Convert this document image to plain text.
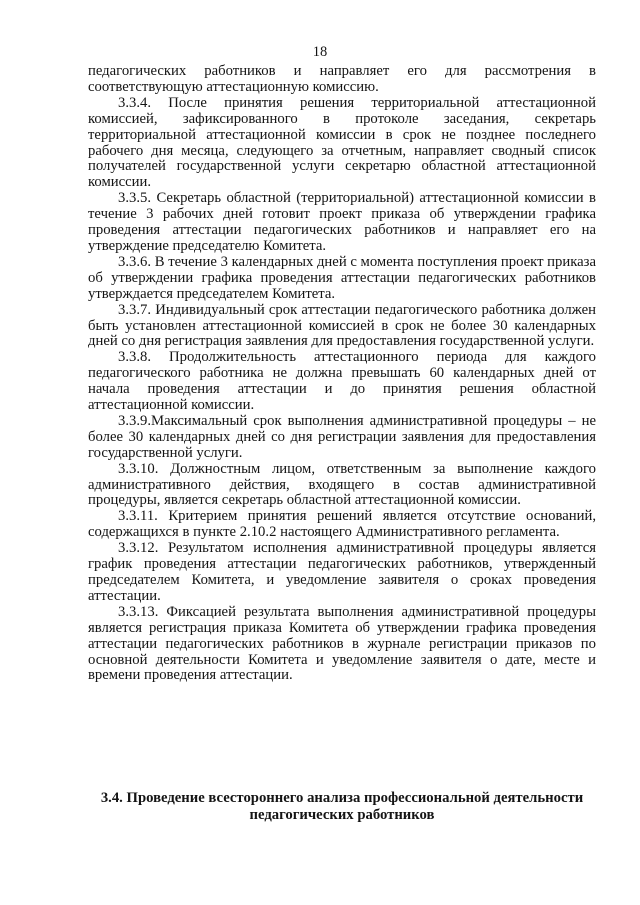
18

педагогических работников и направляет его для рассмотрения в соответствующую аттестационную комиссию.

3.3.4. После принятия решения территориальной аттестационной комиссией, зафиксированного в протоколе заседания, секретарь территориальной аттестационной комиссии в срок не позднее последнего рабочего дня месяца, следующего за отчетным, направляет сводный список получателей государственной услуги секретарю областной аттестационной комиссии.

3.3.5. Секретарь областной (территориальной) аттестационной комиссии в течение 3 рабочих дней готовит проект приказа об утверждении графика проведения аттестации педагогических работников и направляет его на утверждение председателю Комитета.

3.3.6. В течение 3 календарных дней с момента поступления проект приказа об утверждении графика проведения аттестации педагогических работников утверждается председателем Комитета.

3.3.7. Индивидуальный срок аттестации педагогического работника должен быть установлен аттестационной комиссией в срок не более 30 календарных дней со дня регистрация заявления для предоставления государственной услуги.

3.3.8. Продолжительность аттестационного периода для каждого педагогического работника не должна превышать 60 календарных дней от начала проведения аттестации и до принятия решения областной аттестационной комиссии.

3.3.9.Максимальный срок выполнения административной процедуры – не более 30 календарных дней со дня регистрации заявления для предоставления государственной услуги.

3.3.10. Должностным лицом, ответственным за выполнение каждого административного действия, входящего в состав административной процедуры, является секретарь областной аттестационной комиссии.

3.3.11. Критерием принятия решений является отсутствие оснований, содержащихся в пункте 2.10.2 настоящего Административного регламента.

3.3.12. Результатом исполнения административной процедуры является график проведения аттестации педагогических работников, утвержденный председателем Комитета, и уведомление заявителя о сроках проведения аттестации.

3.3.13. Фиксацией результата выполнения административной процедуры является регистрация приказа Комитета об утверждении графика проведения аттестации педагогических работников в журнале регистрации приказов по основной деятельности Комитета и уведомление заявителя о дате, месте и времени проведения аттестации.

3.4. Проведение всестороннего анализа профессиональной деятельности
педагогических работников
